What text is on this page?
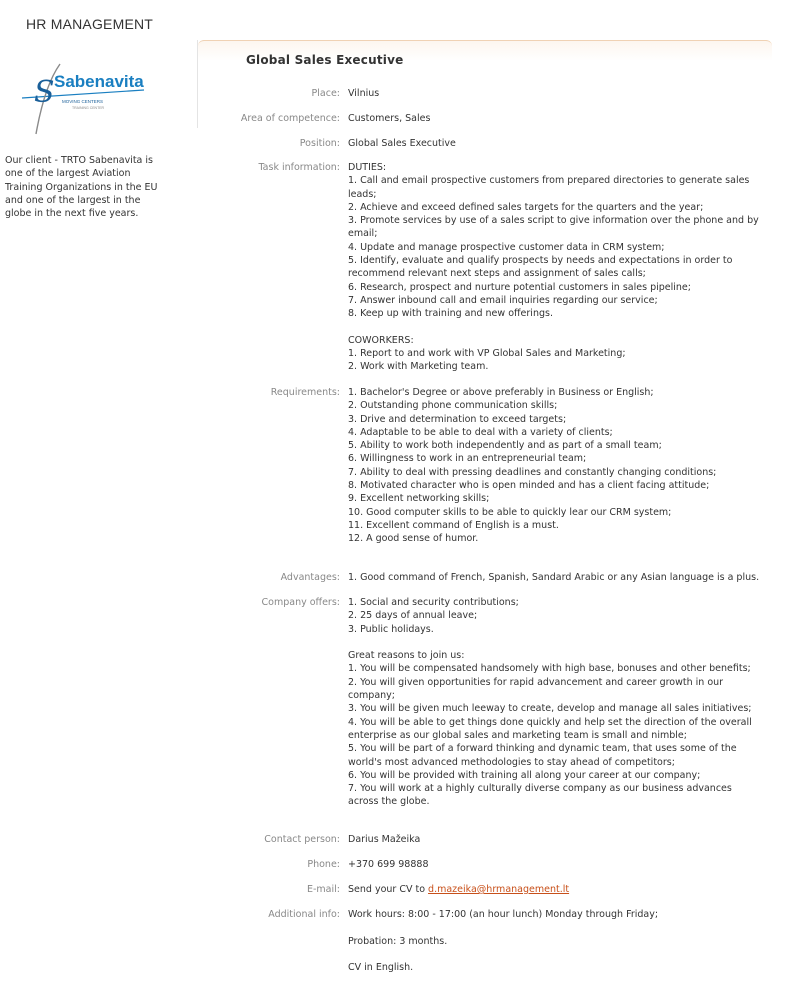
HR MANAGEMENT
S Sabenavita
MOVING CENTERS
TRAINING CENTER
Our client - TRTO Sabenavita is one of the largest Aviation Training Organizations in the EU and one of the largest in the globe in the next five years.
Global Sales Executive
Place: Vilnius
Area of competence: Customers, Sales
Position: Global Sales Executive
Task information: DUTIES:
1. Call and email prospective customers from prepared directories to generate sales leads;
2. Achieve and exceed defined sales targets for the quarters and the year;
3. Promote services by use of a sales script to give information over the phone and by email;
4. Update and manage prospective customer data in CRM system;
5. Identify, evaluate and qualify prospects by needs and expectations in order to recommend relevant next steps and assignment of sales calls;
6. Research, prospect and nurture potential customers in sales pipeline;
7. Answer inbound call and email inquiries regarding our service;
8. Keep up with training and new offerings.
COWORKERS:
1. Report to and work with VP Global Sales and Marketing;
2. Work with Marketing team.
Requirements: 1. Bachelor's Degree or above preferably in Business or English;
2. Outstanding phone communication skills;
3. Drive and determination to exceed targets;
4. Adaptable to be able to deal with a variety of clients;
5. Ability to work both independently and as part of a small team;
6. Willingness to work in an entrepreneurial team;
7. Ability to deal with pressing deadlines and constantly changing conditions;
8. Motivated character who is open minded and has a client facing attitude;
9. Excellent networking skills;
10. Good computer skills to be able to quickly lear our CRM system;
11. Excellent command of English is a must.
12. A good sense of humor.
Advantages: 1. Good command of French, Spanish, Sandard Arabic or any Asian language is a plus.
Company offers: 1. Social and security contributions;
2. 25 days of annual leave;
3. Public holidays.
Great reasons to join us:
1. You will be compensated handsomely with high base, bonuses and other benefits;
2. You will given opportunities for rapid advancement and career growth in our company;
3. You will be given much leeway to create, develop and manage all sales initiatives;
4. You will be able to get things done quickly and help set the direction of the overall enterprise as our global sales and marketing team is small and nimble;
5. You will be part of a forward thinking and dynamic team, that uses some of the world's most advanced methodologies to stay ahead of competitors;
6. You will be provided with training all along your career at our company;
7. You will work at a highly culturally diverse company as our business advances across the globe.
Contact person: Darius Mažeika
Phone: +370 699 98888
E-mail: Send your CV to d.mazeika@hrmanagement.lt
Additional info: Work hours: 8:00 - 17:00 (an hour lunch) Monday through Friday;
Probation: 3 months.
CV in English.
